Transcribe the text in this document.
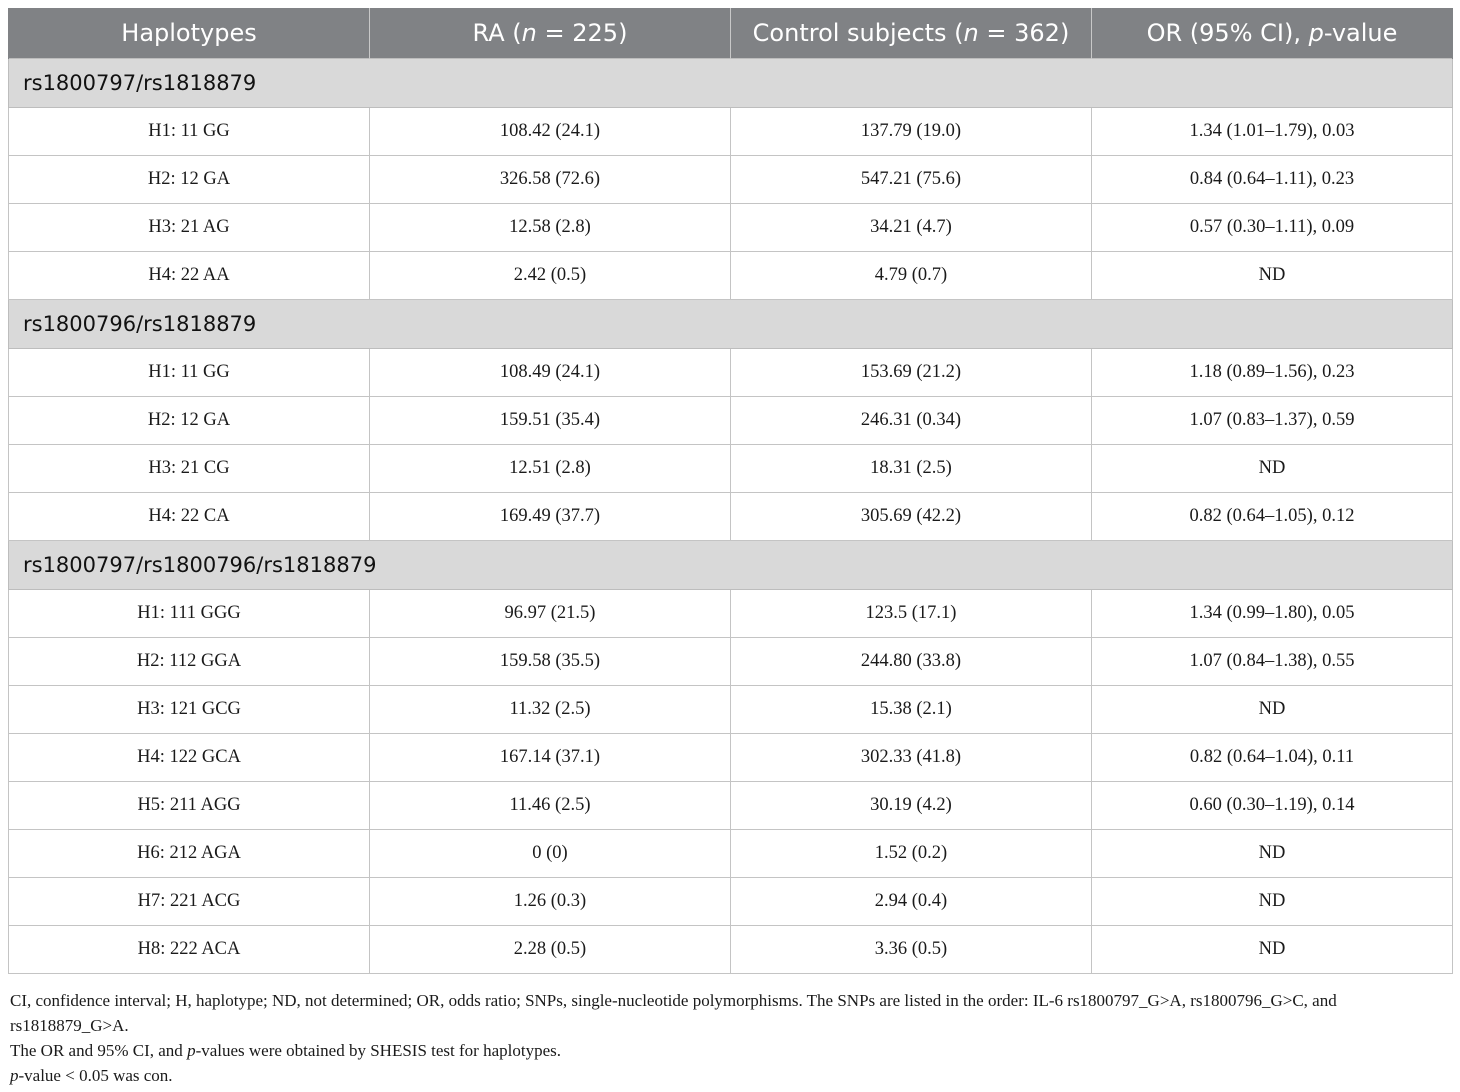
Haplotypes	RA (n = 225)	Control subjects (n = 362)	OR (95% CI), p-value
rs1800797/rs1818879			
H1: 11 GG	108.42 (24.1)	137.79 (19.0)	1.34 (1.01–1.79), 0.03
H2: 12 GA	326.58 (72.6)	547.21 (75.6)	0.84 (0.64–1.11), 0.23
H3: 21 AG	12.58 (2.8)	34.21 (4.7)	0.57 (0.30–1.11), 0.09
H4: 22 AA	2.42 (0.5)	4.79 (0.7)	ND
rs1800796/rs1818879			
H1: 11 GG	108.49 (24.1)	153.69 (21.2)	1.18 (0.89–1.56), 0.23
H2: 12 GA	159.51 (35.4)	246.31 (0.34)	1.07 (0.83–1.37), 0.59
H3: 21 CG	12.51 (2.8)	18.31 (2.5)	ND
H4: 22 CA	169.49 (37.7)	305.69 (42.2)	0.82 (0.64–1.05), 0.12
rs1800797/rs1800796/rs1818879			
H1: 111 GGG	96.97 (21.5)	123.5 (17.1)	1.34 (0.99–1.80), 0.05
H2: 112 GGA	159.58 (35.5)	244.80 (33.8)	1.07 (0.84–1.38), 0.55
H3: 121 GCG	11.32 (2.5)	15.38 (2.1)	ND
H4: 122 GCA	167.14 (37.1)	302.33 (41.8)	0.82 (0.64–1.04), 0.11
H5: 211 AGG	11.46 (2.5)	30.19 (4.2)	0.60 (0.30–1.19), 0.14
H6: 212 AGA	0 (0)	1.52 (0.2)	ND
H7: 221 ACG	1.26 (0.3)	2.94 (0.4)	ND
H8: 222 ACA	2.28 (0.5)	3.36 (0.5)	ND

CI, confidence interval; H, haplotype; ND, not determined; OR, odds ratio; SNPs, single-nucleotide polymorphisms. The SNPs are listed in the order: IL-6 rs1800797_G>A, rs1800796_G>C, and rs1818879_G>A.

The OR and 95% CI, and p-values were obtained by SHESIS test for haplotypes.

p-value < 0.05 was con.
